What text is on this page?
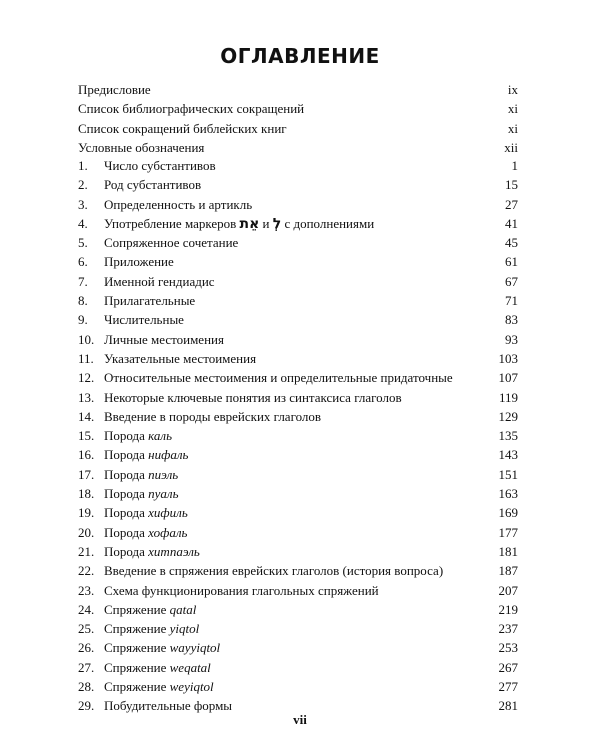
ОГЛАВЛЕНИЕ
Предисловие	ix
Список библиографических сокращений	xi
Список сокращений библейских книг	xi
Условные обозначения	xii
1.	Число субстантивов	1
2.	Род субстантивов	15
3.	Определенность и артикль	27
4.	Употребление маркеров אֵת и לְ с дополнениями	41
5.	Сопряженное сочетание	45
6.	Приложение	61
7.	Именной гендиадис	67
8.	Прилагательные	71
9.	Числительные	83
10. Личные местоимения	93
11. Указательные местоимения	103
12. Относительные местоимения и определительные придаточные	107
13. Некоторые ключевые понятия из синтаксиса глаголов	119
14. Введение в породы еврейских глаголов	129
15. Порода каль	135
16. Порода нифаль	143
17. Порода пиэль	151
18. Порода пуаль	163
19. Порода хифиль	169
20. Порода хофаль	177
21. Порода хитпаэль	181
22. Введение в спряжения еврейских глаголов (история вопроса)	187
23. Схема функционирования глагольных спряжений	207
24. Спряжение qatal	219
25. Спряжение yiqtol	237
26. Спряжение wayyiqtol	253
27. Спряжение weqatal	267
28. Спряжение weyiqtol	277
29. Побудительные формы	281
vii
